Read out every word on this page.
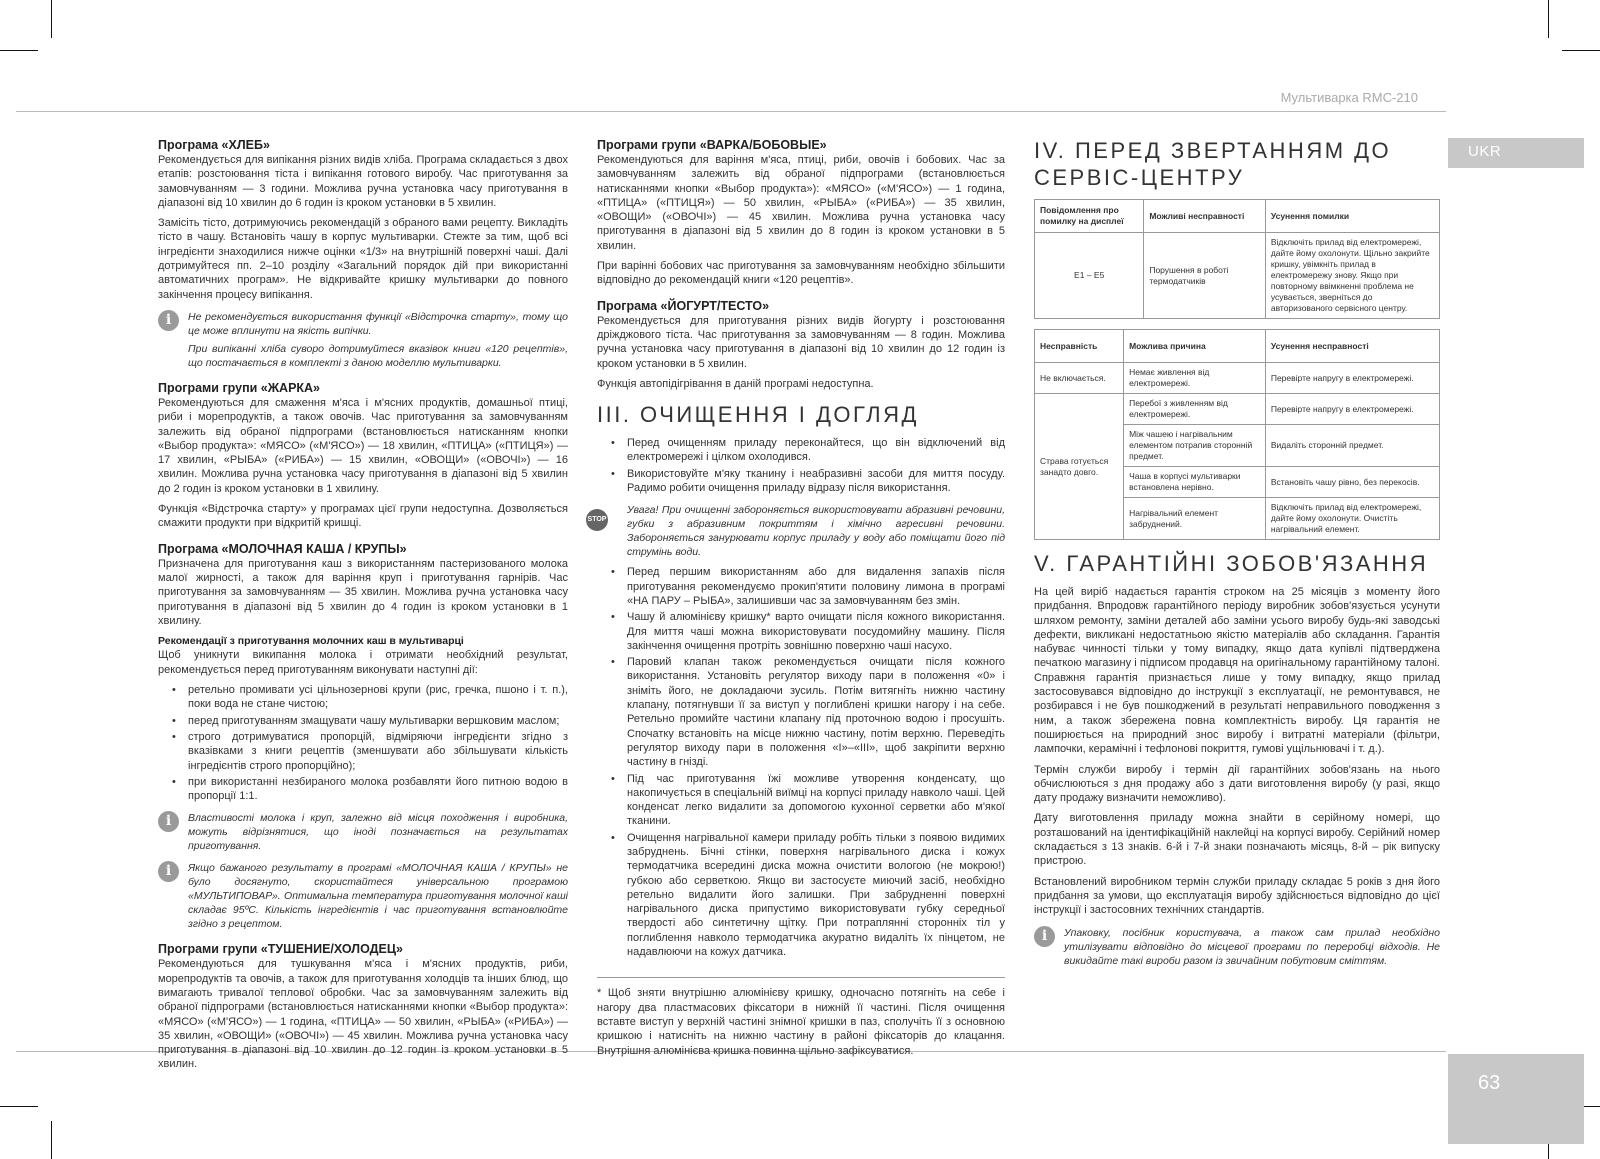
Мультиварка RMC-210
UKR
63
Програма «ХЛЕБ»

Рекомендується для випікання різних видів хліба. Програма складається з двох етапів: розстоювання тіста і випікання готового виробу. Час приготування за замовчуванням — 3 години. Можлива ручна установка часу приготування в діапазоні від 10 хвилин до 6 годин із кроком установки в 5 хвилин.

Замісіть тісто, дотримуючись рекомендацій з обраного вами рецепту. Викладіть тісто в чашу. Встановіть чашу в корпус мультиварки. Стежте за тим, щоб всі інгредієнти знаходилися нижче оцінки «1/3» на внутрішній поверхні чаші. Далі дотримуйтеся пп. 2–10 розділу «Загальний порядок дій при використанні автоматичних програм». Не відкривайте кришку мультиварки до повного закінчення процесу випікання.

i	Не рекомендується використання функції «Відстрочка старту», тому що це може вплинути на якість випічки.

При випіканні хліба суворо дотримуйтеся вказівок книги «120 рецептів», що постачається в комплекті з даною моделлю мультиварки.

Програми групи «ЖАРКА»

Рекомендуються для смаження м'яса і м'ясних продуктів, домашньої птиці, риби і морепродуктів, а також овочів. Час приготування за замовчуванням залежить від обраної підпрограми (встановлюється натисканням кнопки «Выбор продукта»: «МЯСО» («М'ЯСО») — 18 хвилин, «ПТИЦА» («ПТИЦЯ») — 17 хвилин, «РЫБА» («РИБА») — 15 хвилин, «ОВОЩИ» («ОВОЧІ») — 16 хвилин. Можлива ручна установка часу приготування в діапазоні від 5 хвилин до 2 годин із кроком установки в 1 хвилину.

Функція «Відстрочка старту» у програмах цієї групи недоступна. Дозволяється смажити продукти при відкритій кришці.

Програма «МОЛОЧНАЯ КАША / КРУПЫ»

Призначена для приготування каш з використанням пастеризованого молока малої жирності, а також для варіння круп і приготування гарнірів. Час приготування за замовчуванням — 35 хвилин. Можлива ручна установка часу приготування в діапазоні від 5 хвилин до 4 годин із кроком установки в 1 хвилину.

Рекомендації з приготування молочних каш в мультиварці

Щоб уникнути википання молока і отримати необхідний результат, рекомендується перед приготуванням виконувати наступні дії:

• ретельно промивати усі цільнозернові крупи (рис, гречка, пшоно і т. п.), поки вода не стане чистою;
• перед приготуванням змащувати чашу мультиварки вершковим маслом;
• строго дотримуватися пропорцій, відміряючи інгредієнти згідно з вказівками з книги рецептів (зменшувати або збільшувати кількість інгредієнтів строго пропорційно);
• при використанні незбираного молока розбавляти його питною водою в пропорції 1:1.
i	Властивості молока і круп, залежно від місця походження і виробника, можуть відрізнятися, що іноді позначається на результатах приготування.

i	Якщо бажаного результату в програмі «МОЛОЧНАЯ КАША / КРУПЫ» не було досягнуто, скористайтеся універсальною програмою «МУЛЬТИПОВАР». Оптимальна температура приготування молочної каші складає 95ºС. Кількість інгредієнтів і час приготування встановлюйте згідно з рецептом.

Програми групи «ТУШЕНИЕ/ХОЛОДЕЦ»

Рекомендуються для тушкування м'яса і м'ясних продуктів, риби, морепродуктів та овочів, а також для приготування холодців та інших блюд, що вимагають тривалої теплової обробки. Час за замовчуванням залежить від обраної підпрограми (встановлюється натисканнями кнопки «Выбор продукта»: «МЯСО» («М'ЯСО») — 1 година, «ПТИЦА» — 50 хвилин, «РЫБА» («РИБА») — 35 хвилин, «ОВОЩИ» («ОВОЧІ») — 45 хвилин. Можлива ручна установка часу приготування в діапазоні від 10 хвилин до 12 годин із кроком установки в 5 хвилин.

Програми групи «ВАРКА/БОБОВЫЕ»

Рекомендуються для варіння м'яса, птиці, риби, овочів і бобових. Час за замовчуванням залежить від обраної підпрограми (встановлюється натисканнями кнопки «Выбор продукта»): «МЯСО» («М'ЯСО») — 1 година, «ПТИЦА» («ПТИЦЯ») — 50 хвилин, «РЫБА» («РИБА») — 35 хвилин, «ОВОЩИ» («ОВОЧІ») — 45 хвилин. Можлива ручна установка часу приготування в діапазоні від 5 хвилин до 8 годин із кроком установки в 5 хвилин.

При варінні бобових час приготування за замовчуванням необхідно збільшити відповідно до рекомендацій книги «120 рецептів».

Програма «ЙОГУРТ/ТЕСТО»

Рекомендується для приготування різних видів йогурту і розстоювання дріжджового тіста. Час приготування за замовчуванням — 8 годин. Можлива ручна установка часу приготування в діапазоні від 10 хвилин до 12 годин із кроком установки в 5 хвилин.

Функція автопідігрівання в даній програмі недоступна.

III. ОЧИЩЕННЯ І ДОГЛЯД
• Перед очищенням приладу переконайтеся, що він відключений від електромережі і цілком охолодився.
• Використовуйте м'яку тканину і неабразивні засоби для миття посуду. Радимо робити очищення приладу відразу після використання.
STOP

Увага! При очищенні забороняється використовувати абразивні речовини, губки з абразивним покриттям і хімічно агресивні речовини. Забороняється занурювати корпус приладу у воду або поміщати його під струмінь води.

• Перед першим використанням або для видалення запахів після приготування рекомендуємо прокип'ятити половину лимона в програмі «НА ПАРУ – РЫБА», залишивши час за замовчуванням без змін.
• Чашу й алюмінієву кришку* варто очищати після кожного використання. Для миття чаші можна використовувати посудомийну машину. Після закінчення очищення протріть зовнішню поверхню чаші насухо.
• Паровий клапан також рекомендується очищати після кожного використання. Установіть регулятор виходу пари в положення «0» і зніміть його, не докладаючи зусиль. Потім витягніть нижню частину клапану, потягнувши її за виступ у поглиблені кришки нагору і на себе. Ретельно промийте частини клапану під проточною водою і просушіть. Спочатку встановіть на місце нижню частину, потім верхню. Переведіть регулятор виходу пари в положення «І»–«ІІІ», щоб закріпити верхню частину в гнізді.
• Під час приготування їжі можливе утворення конденсату, що накопичується в спеціальній виїмці на корпусі приладу навколо чаші. Цей конденсат легко видалити за допомогою кухонної серветки або м'якої тканини.
• Очищення нагрівальної камери приладу робіть тільки з появою видимих забруднень. Бічні стінки, поверхня нагрівального диска і кожух термодатчика всередині диска можна очистити вологою (не мокрою!) губкою або серветкою. Якщо ви застосуєте миючий засіб, необхідно ретельно видалити його залишки. При забрудненні поверхні нагрівального диска припустимо використовувати губку середньої твердості або синтетичну щітку. При потраплянні сторонніх тіл у поглиблення навколо термодатчика акуратно видаліть їх пінцетом, не надавлюючи на кожух датчика.

* Щоб зняти внутрішню алюмінієву кришку, одночасно потягніть на себе і нагору два пластмасових фіксатори в нижній її частині. Після очищення вставте виступ у верхній частині знімної кришки в паз, сполучіть її з основною кришкою і натисніть на нижню частину в районі фіксаторів до клацання. Внутрішня алюмінієва кришка повинна щільно зафіксуватися.

IV. ПЕРЕД ЗВЕРТАННЯМ ДО СЕРВІС-ЦЕНТРУ
Повідомлення про помилку на дисплеї	Можливі несправності	Усунення помилки
E1 – E5	Порушення в роботі термодатчиків	Відключіть прилад від електромережі, дайте йому охолонути. Щільно закрийте кришку, увімкніть прилад в електромережу знову. Якщо при повторному ввімкненні проблема не усувається, зверніться до авторизованого сервісного центру.
Несправність	Можлива причина	Усунення несправності
Не включається.	Немає живлення від електромережі.	Перевірте напругу в електромережі.
Страва готується занадто довго.	Перебої з живленням від електромережі.	Перевірте напругу в електромережі.
	Між чашею і нагрівальним елементом потрапив сторонній предмет.	Видаліть сторонній предмет.
	Чаша в корпусі мультиварки встановлена нерівно.	Встановіть чашу рівно, без перекосів.
	Нагрівальний елемент забруднений.	Відключіть прилад від електромережі, дайте йому охолонути. Очистіть нагрівальний елемент.
V. ГАРАНТІЙНІ ЗОБОВ'ЯЗАННЯ

На цей виріб надається гарантія строком на 25 місяців з моменту його придбання. Впродовж гарантійного періоду виробник зобов'язується усунути шляхом ремонту, заміни деталей або заміни усього виробу будь-які заводські дефекти, викликані недостатньою якістю матеріалів або складання. Гарантія набуває чинності тільки у тому випадку, якщо дата купівлі підтверджена печаткою магазину і підписом продавця на оригінальному гарантійному талоні. Справжня гарантія признається лише у тому випадку, якщо прилад застосовувався відповідно до інструкції з експлуатації, не ремонтувався, не розбирався і не був пошкоджений в результаті неправильного поводження з ним, а також збережена повна комплектність виробу. Ця гарантія не поширюється на природний знос виробу і витратні матеріали (фільтри, лампочки, керамічні і тефлонові покриття, гумові ущільнювачі і т. д.).

Термін служби виробу і термін дії гарантійних зобов'язань на нього обчислюються з дня продажу або з дати виготовлення виробу (у разі, якщо дату продажу визначити неможливо).

Дату виготовлення приладу можна знайти в серійному номері, що розташований на ідентифікаційній наклейці на корпусі виробу. Серійний номер складається з 13 знаків. 6-й і 7-й знаки позначають місяць, 8-й – рік випуску пристрою.

Встановлений виробником термін служби приладу складає 5 років з дня його придбання за умови, що експлуатація виробу здійснюється відповідно до цієї інструкції і застосовних технічних стандартів.

i	Упаковку, посібник користувача, а також сам прилад необхідно утилізувати відповідно до місцевої програми по переробці відходів. Не викидайте такі вироби разом із звичайним побутовим сміттям.
